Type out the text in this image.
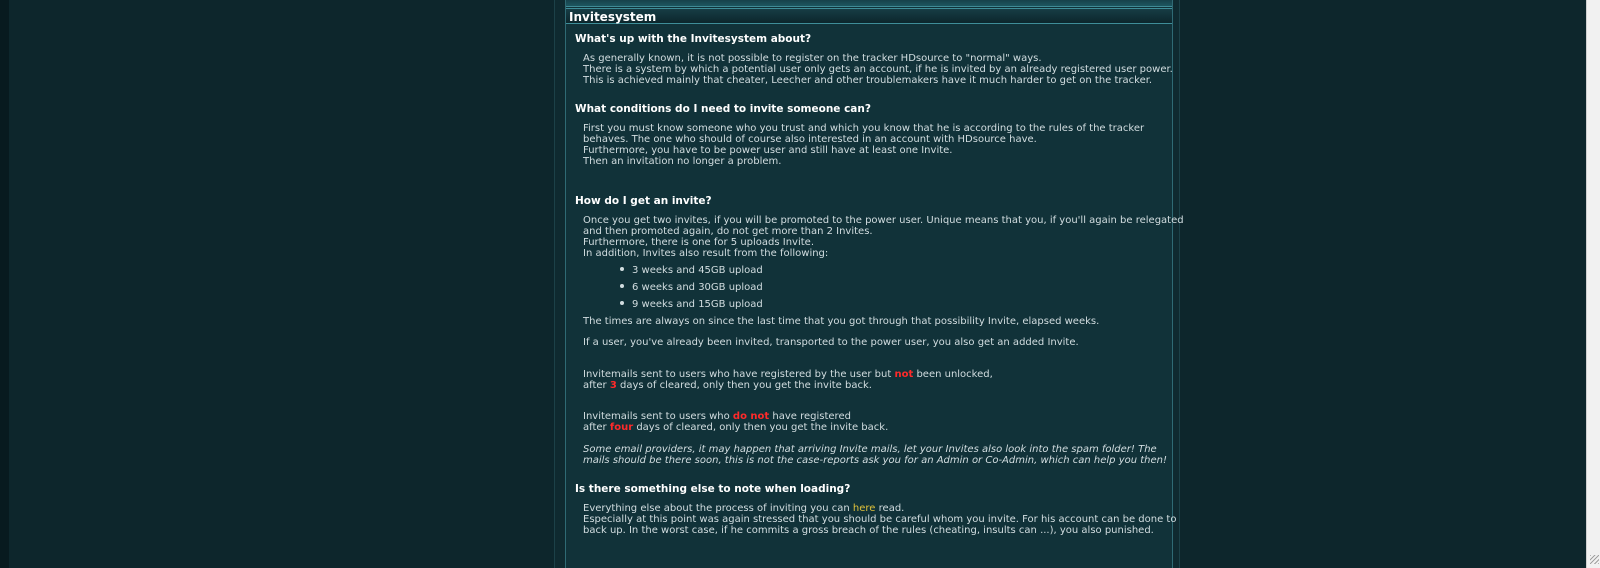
Invitesystem
What's up with the Invitesystem about?
As generally known, it is not possible to register on the tracker HDsource to "normal" ways.
There is a system by which a potential user only gets an account, if he is invited by an already registered user power.
This is achieved mainly that cheater, Leecher and other troublemakers have it much harder to get on the tracker.
What conditions do I need to invite someone can?
First you must know someone who you trust and which you know that he is according to the rules of the tracker
behaves. The one who should of course also interested in an account with HDsource have.
Furthermore, you have to be power user and still have at least one Invite.
Then an invitation no longer a problem.
How do I get an invite?
Once you get two invites, if you will be promoted to the power user. Unique means that you, if you'll again be relegated
and then promoted again, do not get more than 2 Invites.
Furthermore, there is one for 5 uploads Invite.
In addition, Invites also result from the following:
3 weeks and 45GB upload
6 weeks and 30GB upload
9 weeks and 15GB upload
The times are always on since the last time that you got through that possibility Invite, elapsed weeks.
If a user, you've already been invited, transported to the power user, you also get an added Invite.
Invitemails sent to users who have registered by the user but not been unlocked,
after 3 days of cleared, only then you get the invite back.
Invitemails sent to users who do not have registered
after four days of cleared, only then you get the invite back.
Some email providers, it may happen that arriving Invite mails, let your Invites also look into the spam folder! The
mails should be there soon, this is not the case-reports ask you for an Admin or Co-Admin, which can help you then!
Is there something else to note when loading?
Everything else about the process of inviting you can here read.
Especially at this point was again stressed that you should be careful whom you invite. For his account can be done to
back up. In the worst case, if he commits a gross breach of the rules (cheating, insults can ...), you also punished.
